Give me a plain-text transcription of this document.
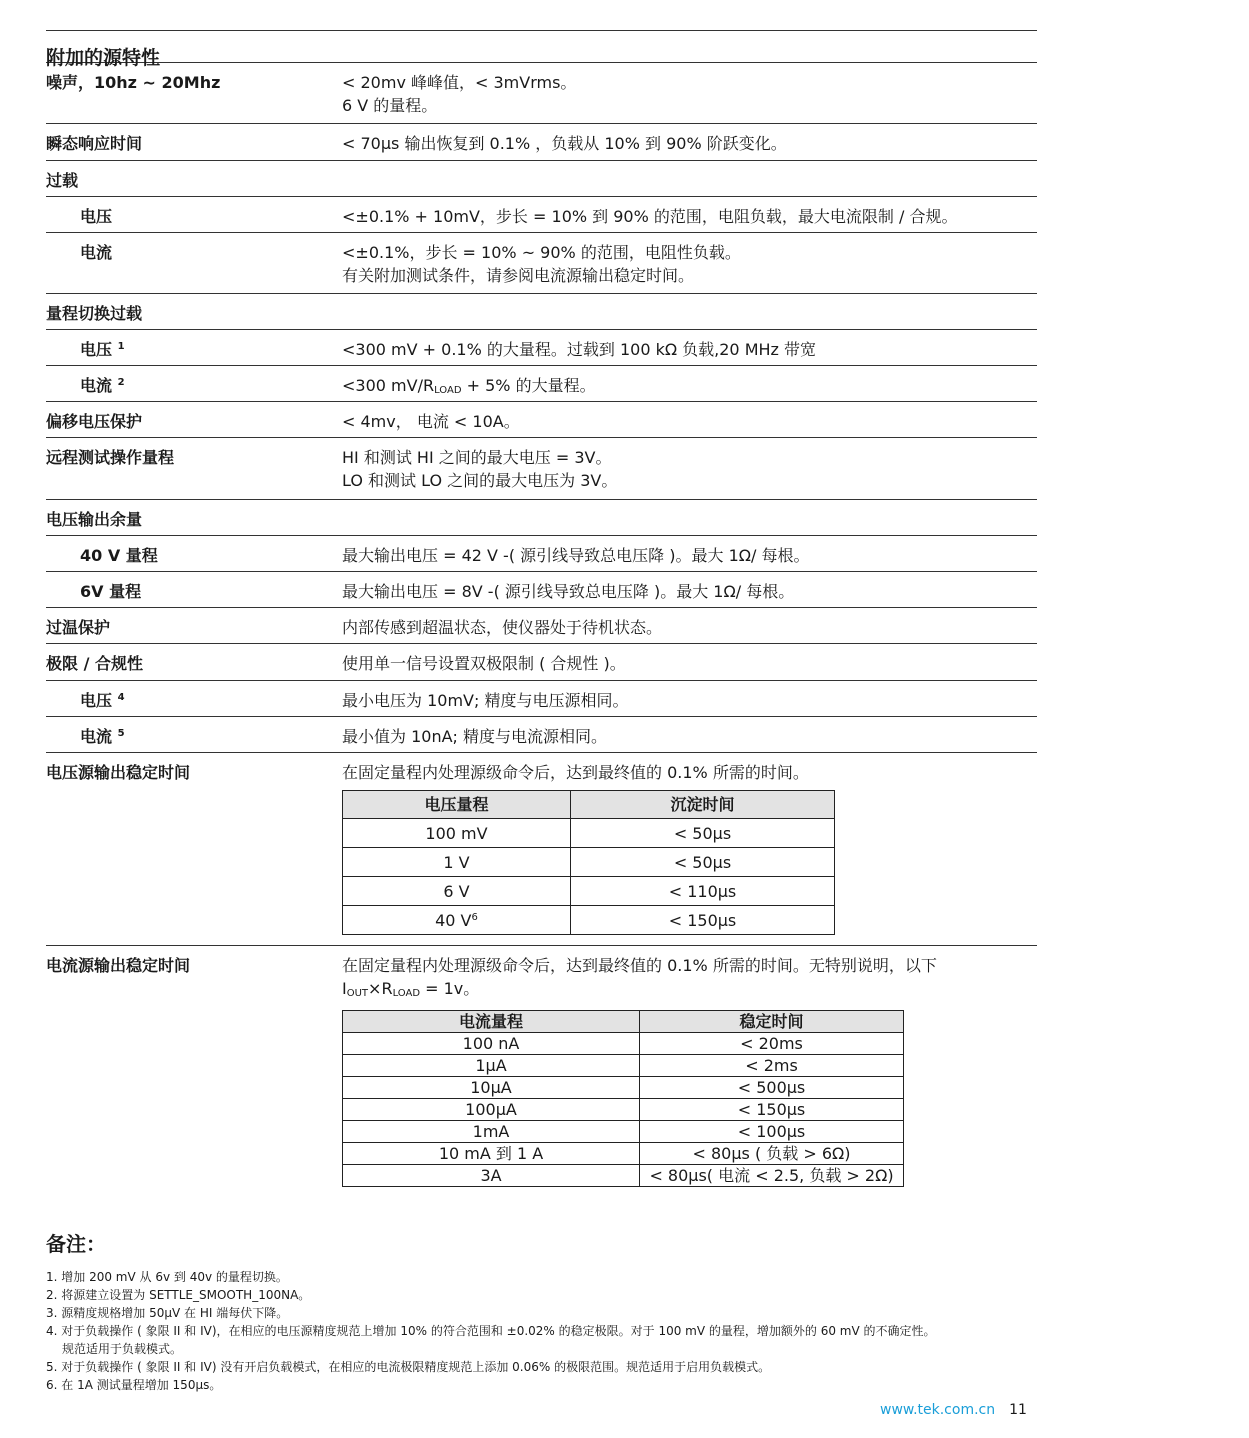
附加的源特性
噪声，10hz ~ 20Mhz	< 20mv 峰峰值，< 3mVrms。
6 V 的量程。
瞬态响应时间	< 70µs 输出恢复到 0.1% ，负载从 10% 到 90% 阶跃变化。
过载
电压	<±0.1% + 10mV，步长 = 10% 到 90% 的范围，电阻负载，最大电流限制 / 合规。
电流	<±0.1%，步长 = 10% ~ 90% 的范围，电阻性负载。
有关附加测试条件，请参阅电流源输出稳定时间。
量程切换过载
电压 $^1$	<300 mV + 0.1% 的大量程。过载到 100 kΩ 负载,20 MHz 带宽
电流 $^2$	<300 $mV/R_{LOAD} + 5\%$ 的大量程。
偏移电压保护	< 4mv， 电流 < 10A。
远程测试操作量程	HI 和测试 HI 之间的最大电压 = 3V。
LO 和测试 LO 之间的最大电压为 3V。
电压输出余量
40 V 量程	最大输出电压 = 42 V -( 源引线导致总电压降 )。最大 1Ω/ 每根。
6V 量程	最大输出电压 = 8V -( 源引线导致总电压降 )。最大 1Ω/ 每根。
过温保护	内部传感到超温状态，使仪器处于待机状态。
极限 / 合规性	使用单一信号设置双极限制 ( 合规性 )。
电压 $^4$	最小电压为 10mV; 精度与电压源相同。
电流 $^5$	最小值为 10nA; 精度与电流源相同。
电压源输出稳定时间	在固定量程内处理源级命令后，达到最终值的 0.1% 所需的时间。
电压量程	沉淀时间
100 mV	< 50µs
1 V	< 50µs
6 V	< 110µs
40 $V^6$	< 150µs
电流源输出稳定时间	在固定量程内处理源级命令后，达到最终值的 0.1% 所需的时间。无特别说明，以下
$I_{OUT}\times R_{LOAD} = 1v$。
电流量程	稳定时间
100 nA	< 20ms
1µA	< 2ms
10µA	< 500µs
100µA	< 150µs
1mA	< 100µs
10 mA 到 1 A	< 80µs ( 负载 > 6Ω)
3A	< 80µs( 电流 < 2.5, 负载 > 2Ω)
备注：
1. 增加 200 mV 从 6v 到 40v 的量程切换。
2. 将源建立设置为 SETTLE_SMOOTH_100NA。
3. 源精度规格增加 50µV 在 HI 端每伏下降。
4. 对于负载操作 ( 象限 II 和 IV)，在相应的电压源精度规范上增加 10% 的符合范围和 ±0.02% 的稳定极限。对于 100 mV 的量程，增加额外的 60 mV 的不确定性。
规范适用于负载模式。
5. 对于负载操作 ( 象限 II 和 IV) 没有开启负载模式，在相应的电流极限精度规范上添加 0.06% 的极限范围。规范适用于启用负载模式。
6. 在 1A 测试量程增加 150µs。
www.tek.com.cn 11
